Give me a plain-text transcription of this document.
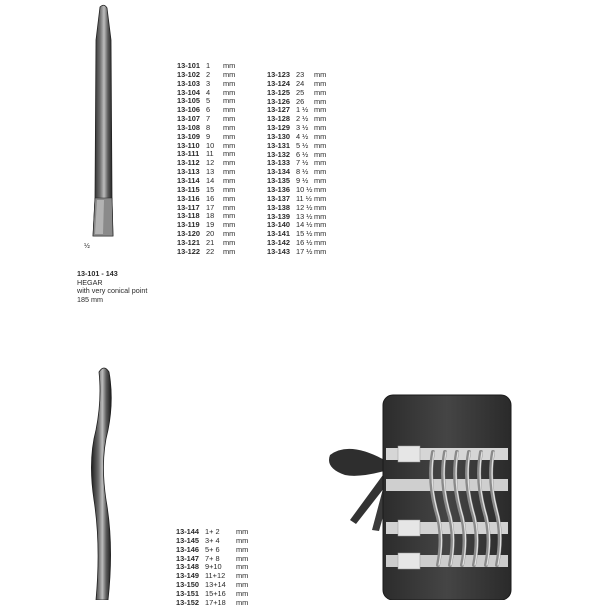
½
13-101 1	mm
13-102 2	mm
13-103 3	mm
13-104 4	mm
13-105 5	mm
13-106 6	mm
13-107 7	mm
13-108 8	mm
13-109 9	mm
13-110 10	mm
13-111 11	mm
13-112 12	mm
13-113 13	mm
13-114 14	mm
13-115 15	mm
13-116 16	mm
13-117 17	mm
13-118 18	mm
13-119 19	mm
13-120 20	mm
13-121 21	mm
13-122 22	mm
13-123 23	mm
13-124 24	mm
13-125 25	mm
13-126 26	mm
13-127 1 ½ mm
13-128 2 ½ mm
13-129 3 ½ mm
13-130 4 ½ mm
13-131 5 ½ mm
13-132 6 ½ mm
13-133 7 ½ mm
13-134 8 ½ mm
13-135 9 ½ mm
13-136 10 ½ mm
13-137 11 ½ mm
13-138 12 ½ mm
13-139 13 ½ mm
13-140 14 ½ mm
13-141 15 ½ mm
13-142 16 ½ mm
13-143 17 ½ mm
13-101 - 143
HEGAR
with very conical point
185 mm
13-144 1+ 2	mm
13-145 3+ 4	mm
13-146 5+ 6	mm
13-147 7+ 8	mm
13-148 9+10	mm
13-149 11+12	mm
13-150 13+14	mm
13-151 15+16	mm
13-152 17+18	mm
